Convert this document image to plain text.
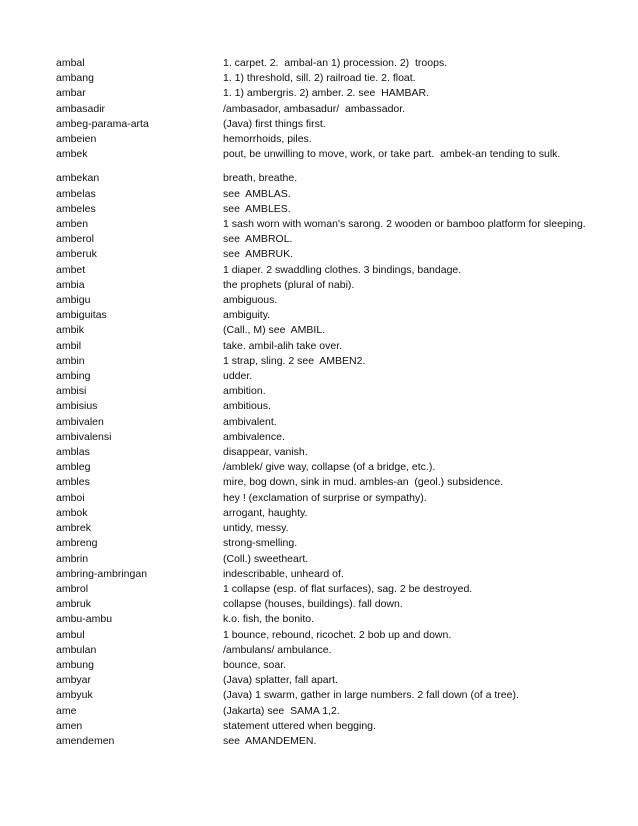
ambal	1. carpet. 2.  ambal-an 1) procession. 2)  troops.
ambang	1. 1) threshold, sill. 2) railroad tie. 2. float.
ambar	1. 1) ambergris. 2) amber. 2. see  HAMBAR.
ambasadir	/ambasador, ambasadur/  ambassador.
ambeg-parama-arta	(Java) first things first.
ambeien	hemorrhoids, piles.
ambek	pout, be unwilling to move, work, or take part.  ambek-an tending to sulk.
ambekan	breath, breathe.
ambelas	see  AMBLAS.
ambeles	see  AMBLES.
amben	1 sash worn with woman's sarong. 2 wooden or bamboo platform for sleeping.
amberol	see  AMBROL.
amberuk	see  AMBRUK.
ambet	1 diaper. 2 swaddling clothes. 3 bindings, bandage.
ambia	the prophets (plural of nabi).
ambigu	ambiguous.
ambiguitas	ambiguity.
ambik	(Call., M) see  AMBIL.
ambil	take. ambil-alih take over.
ambin	1 strap, sling. 2 see  AMBEN2.
ambing	udder.
ambisi	ambition.
ambisius	ambitious.
ambivalen	ambivalent.
ambivalensi	ambivalence.
amblas	disappear, vanish.
ambleg	/amblek/ give way, collapse (of a bridge, etc.).
ambles	mire, bog down, sink in mud. ambles-an  (geol.) subsidence.
amboi	hey ! (exclamation of surprise or sympathy).
ambok	arrogant, haughty.
ambrek	untidy, messy.
ambreng	strong-smelling.
ambrin	(Coll.) sweetheart.
ambring-ambringan	indescribable, unheard of.
ambrol	1 collapse (esp. of flat surfaces), sag. 2 be destroyed.
ambruk	collapse (houses, buildings). fall down.
ambu-ambu	k.o. fish, the bonito.
ambul	1 bounce, rebound, ricochet. 2 bob up and down.
ambulan	/ambulans/ ambulance.
ambung	bounce, soar.
ambyar	(Java) splatter, fall apart.
ambyuk	(Java) 1 swarm, gather in large numbers. 2 fall down (of a tree).
ame	(Jakarta) see  SAMA 1,2.
amen	statement uttered when begging.
amendemen	see  AMANDEMEN.
